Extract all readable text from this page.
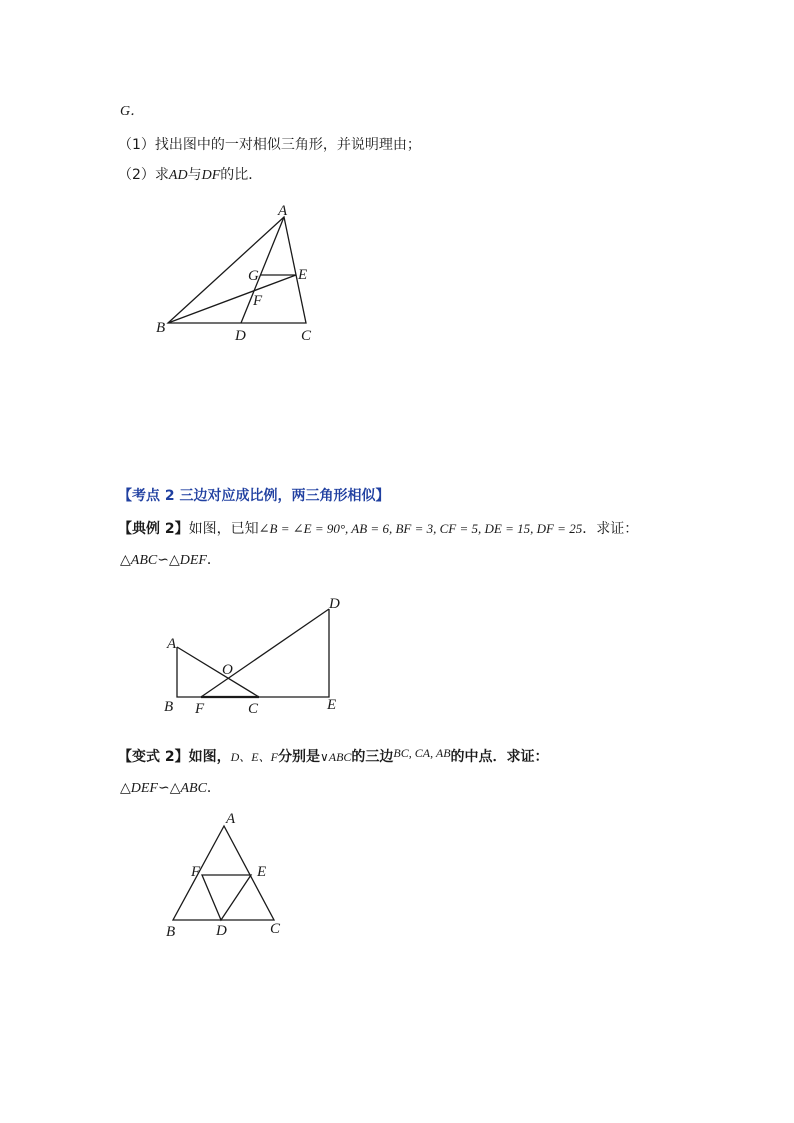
G．
（1）找出图中的一对相似三角形，并说明理由；
（2）求AD与DF的比．
A
B	D	C
G	E
F
【考点 2 三边对应成比例，两三角形相似】
【典例 2】如图，已知∠B = ∠E = 90°, AB = 6, BF = 3, CF = 5, DE = 15, DF = 25．求证：
△ABC∽△DEF．
A
B F	C	E
D
O
【变式 2】如图，D、E、F分别是∨ABC的三边BC, CA, AB的中点．求证：
△DEF∽△ABC．
A
F	E
B	D	C
